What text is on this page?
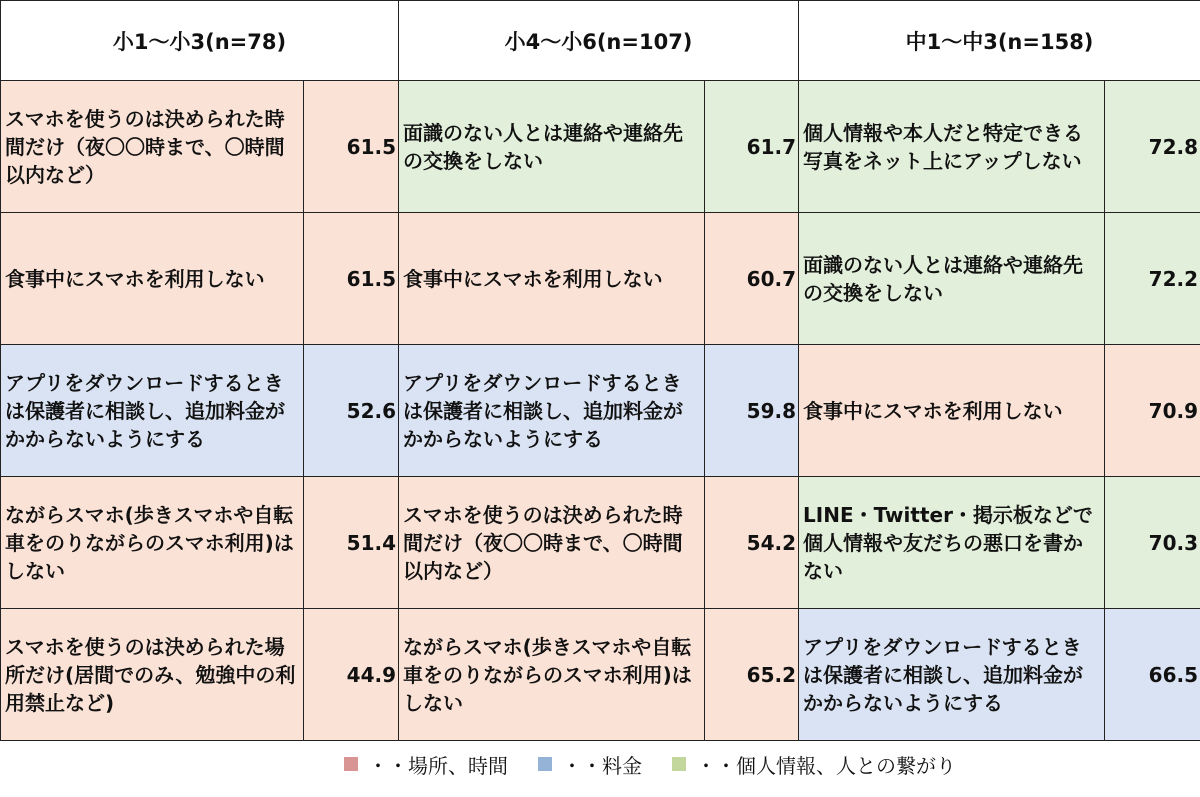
小1〜小3(n=78)		小4〜小6(n=107)		中1〜中3(n=158)	
スマホを使うのは決められた時間だけ（夜〇〇時まで、〇時間以内など）	61.5	面識のない人とは連絡や連絡先の交換をしない	61.7	個人情報や本人だと特定できる写真をネット上にアップしない	72.8
食事中にスマホを利用しない	61.5	食事中にスマホを利用しない	60.7	面識のない人とは連絡や連絡先の交換をしない	72.2
アプリをダウンロードするときは保護者に相談し、追加料金がかからないようにする	52.6	アプリをダウンロードするときは保護者に相談し、追加料金がかからないようにする	59.8	食事中にスマホを利用しない	70.9
ながらスマホ(歩きスマホや自転車をのりながらのスマホ利用)はしない	51.4	スマホを使うのは決められた時間だけ（夜〇〇時まで、〇時間以内など）	54.2	LINE・Twitter・掲示板などで個人情報や友だちの悪口を書かない	70.3
スマホを使うのは決められた場所だけ(居間でのみ、勉強中の利用禁止など)	44.9	ながらスマホ(歩きスマホや自転車をのりながらのスマホ利用)はしない	65.2	アプリをダウンロードするときは保護者に相談し、追加料金がかからないようにする	66.5
・・場所、時間	・・料金	・・個人情報、人との繋がり
